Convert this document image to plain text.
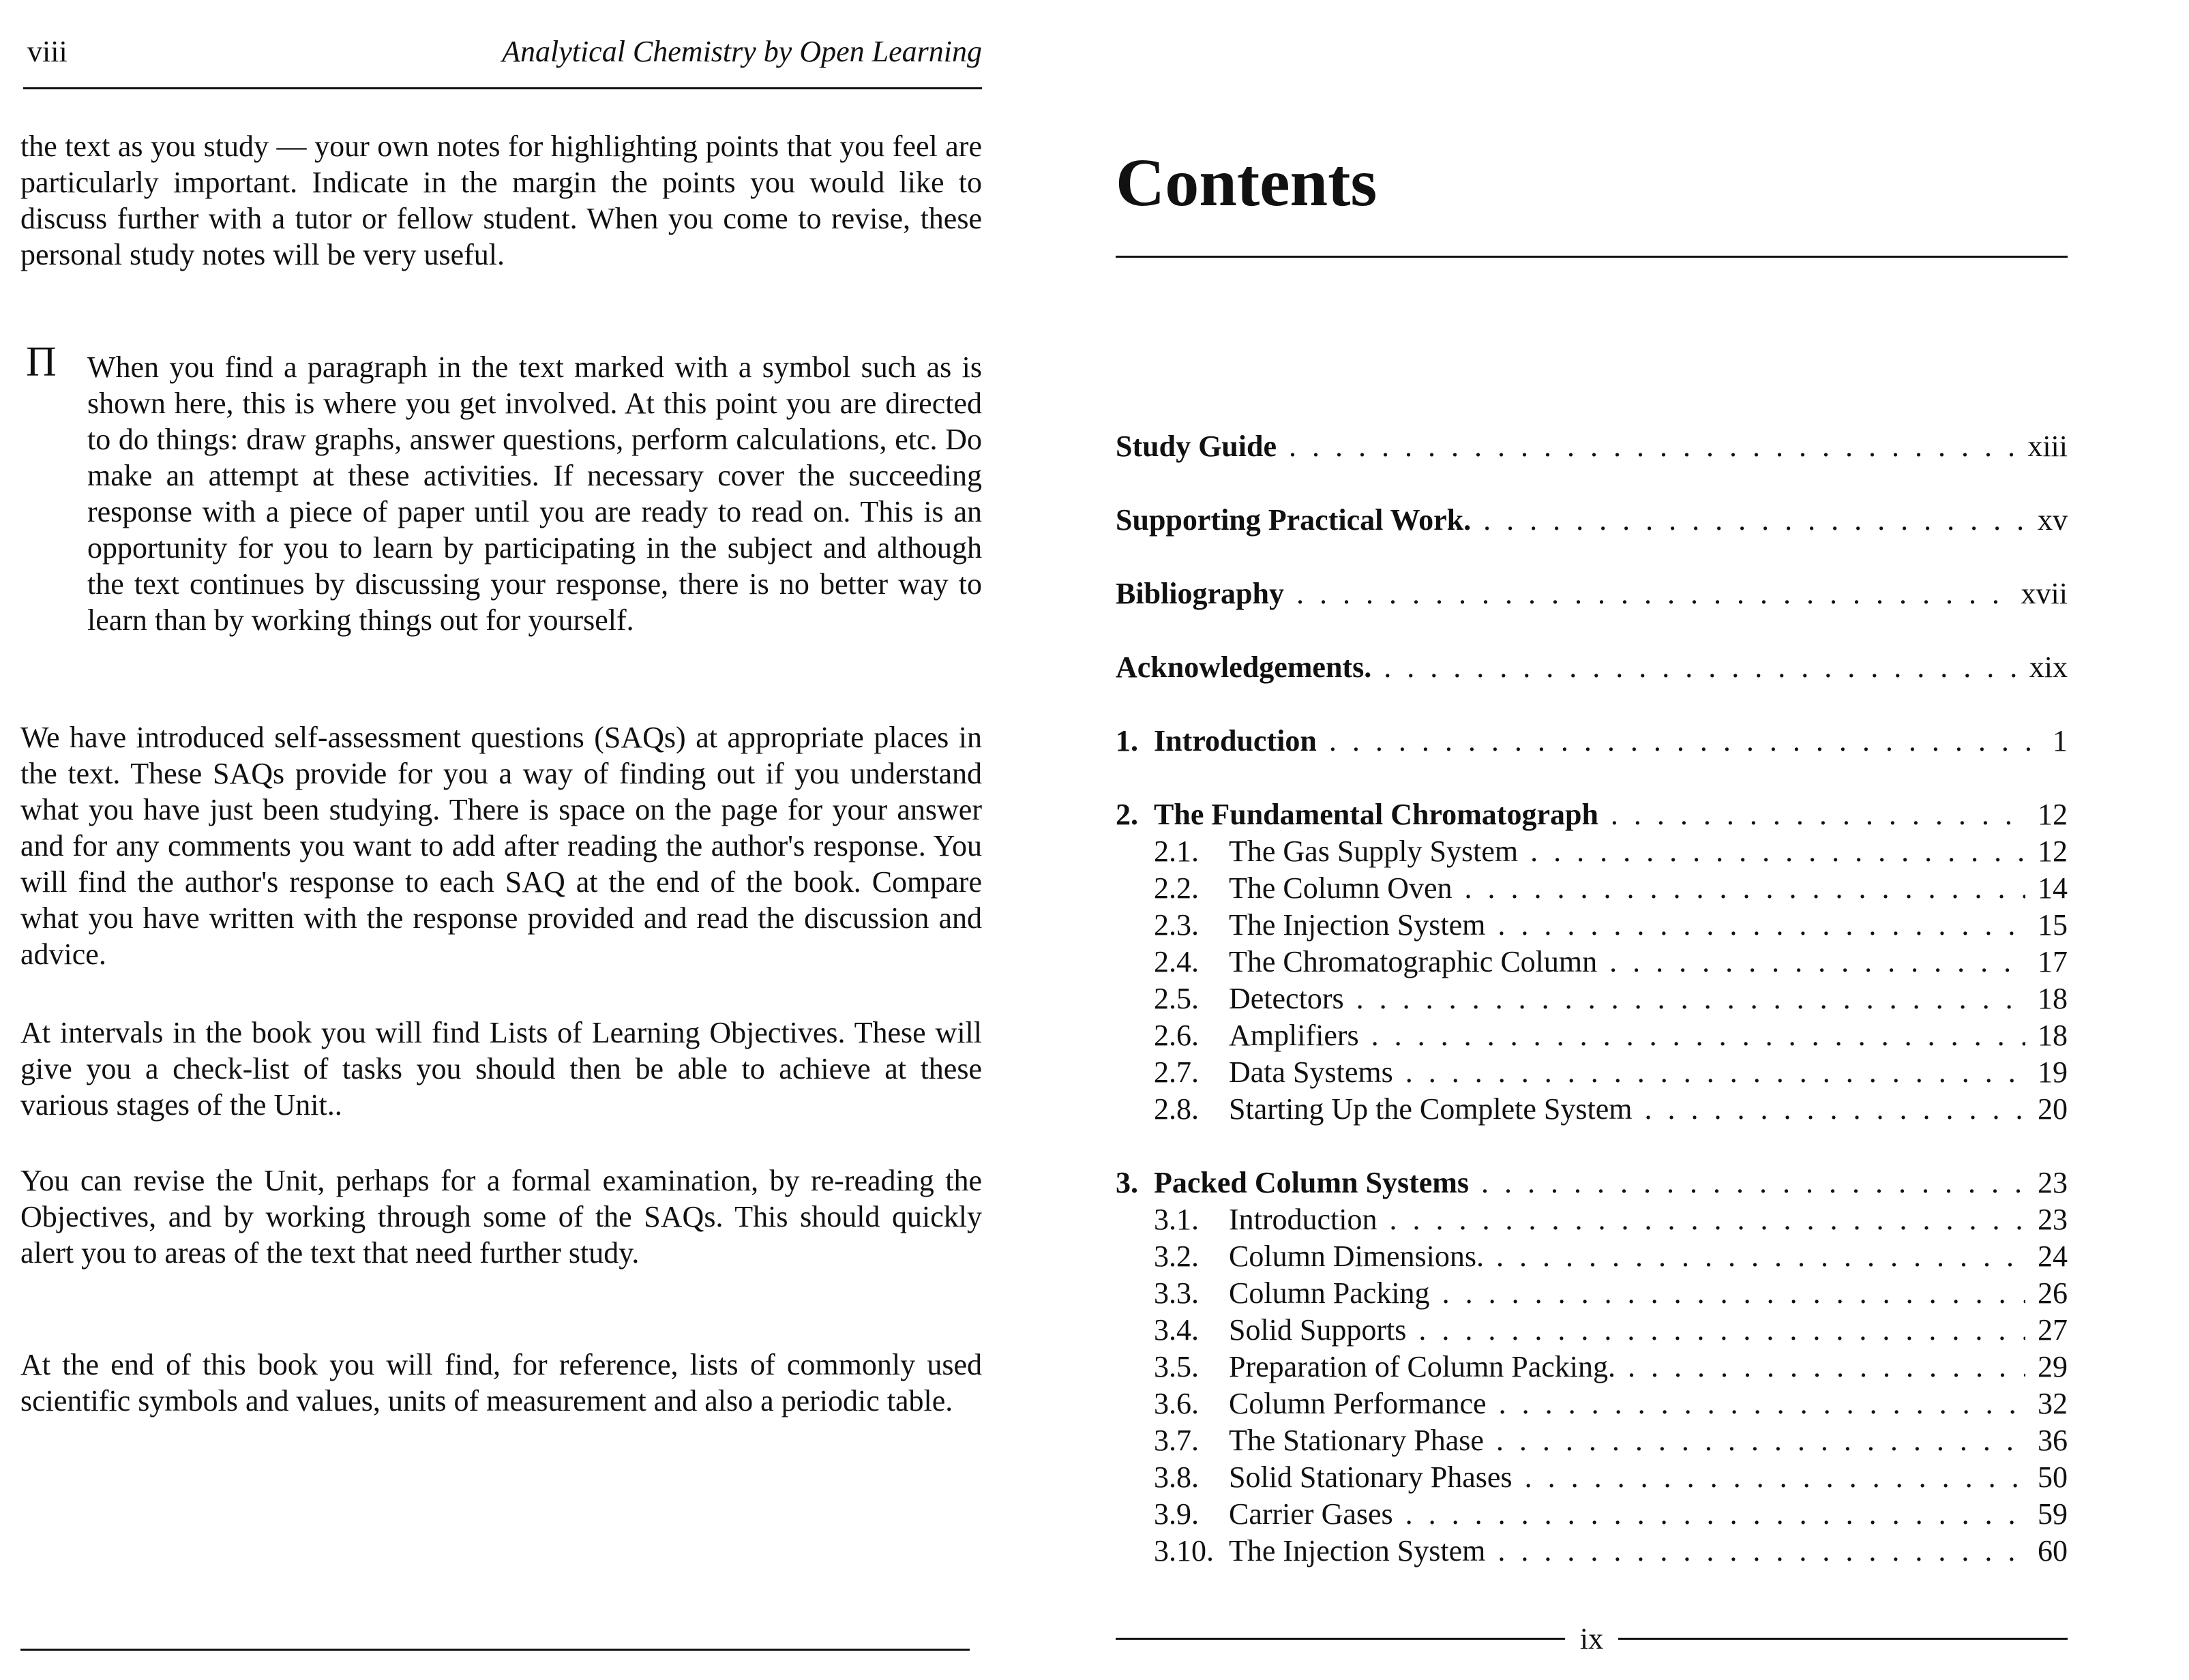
viii	Analytical Chemistry by Open Learning

the text as you study — your own notes for highlighting points that you feel are particularly important. Indicate in the margin the points you would like to discuss further with a tutor or fellow student. When you come to revise, these personal study notes will be very useful.

Π When you find a paragraph in the text marked with a symbol such as is shown here, this is where you get involved. At this point you are directed to do things: draw graphs, answer questions, perform calculations, etc. Do make an attempt at these activities. If necessary cover the succeeding response with a piece of paper until you are ready to read on. This is an opportunity for you to learn by participating in the subject and although the text continues by discussing your response, there is no better way to learn than by working things out for yourself.

We have introduced self-assessment questions (SAQs) at appropriate places in the text. These SAQs provide for you a way of finding out if you understand what you have just been studying. There is space on the page for your answer and for any comments you want to add after reading the author's response. You will find the author's response to each SAQ at the end of the book. Compare what you have written with the response provided and read the discussion and advice.

At intervals in the book you will find Lists of Learning Objectives. These will give you a check-list of tasks you should then be able to achieve at these various stages of the Unit..

You can revise the Unit, perhaps for a formal examination, by re-reading the Objectives, and by working through some of the SAQs. This should quickly alert you to areas of the text that need further study.

At the end of this book you will find, for reference, lists of commonly used scientific symbols and values, units of measurement and also a periodic table.

Contents
Study Guide . . .	xiii
Supporting Practical Work. . . .	xv
Bibliography . . .	xvii
Acknowledgements. . . .	xix
1. Introduction . . .	1
2. The Fundamental Chromatograph . . .	12
2.1.	The Gas Supply System . . .	12
2.2.	The Column Oven . . .	14
2.3.	The Injection System . . .	15
2.4.	The Chromatographic Column . . .	17
2.5.	Detectors . . .	18
2.6.	Amplifiers . . .	18
2.7.	Data Systems . . .	19
2.8.	Starting Up the Complete System . . .	20
3. Packed Column Systems . . .	23
3.1.	Introduction . . .	23
3.2.	Column Dimensions. . . .	24
3.3.	Column Packing . . .	26
3.4.	Solid Supports . . .	27
3.5.	Preparation of Column Packing. . . .	29
3.6.	Column Performance . . .	32
3.7.	The Stationary Phase . . .	36
3.8.	Solid Stationary Phases . . .	50
3.9.	Carrier Gases . . .	59
3.10. The Injection System . . .	60
ix
